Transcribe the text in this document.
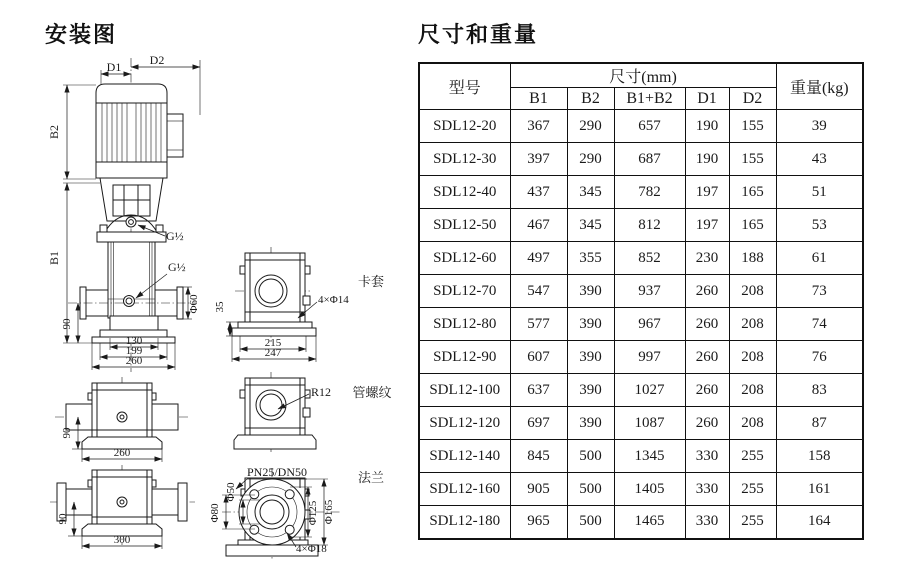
安装图	尺寸和重量
D1 D2
B2
G½
G½
B1
90
Φ60
130
199
260
35
4×Φ14
215
247
卡套
90
260
R12 管螺纹
90
300
PN25/DN50
Φ50
Φ80	Φ125 Φ165
4×Φ18
法兰
型号	尺寸(mm)					重量(kg)
	B1	B2	B1+B2	D1	D2	
SDL12-20	367	290	657	190	155	39
SDL12-30	397	290	687	190	155	43
SDL12-40	437	345	782	197	165	51
SDL12-50	467	345	812	197	165	53
SDL12-60	497	355	852	230	188	61
SDL12-70	547	390	937	260	208	73
SDL12-80	577	390	967	260	208	74
SDL12-90	607	390	997	260	208	76
SDL12-100	637	390	1027	260	208	83
SDL12-120	697	390	1087	260	208	87
SDL12-140	845	500	1345	330	255	158
SDL12-160	905	500	1405	330	255	161
SDL12-180	965	500	1465	330	255	164
